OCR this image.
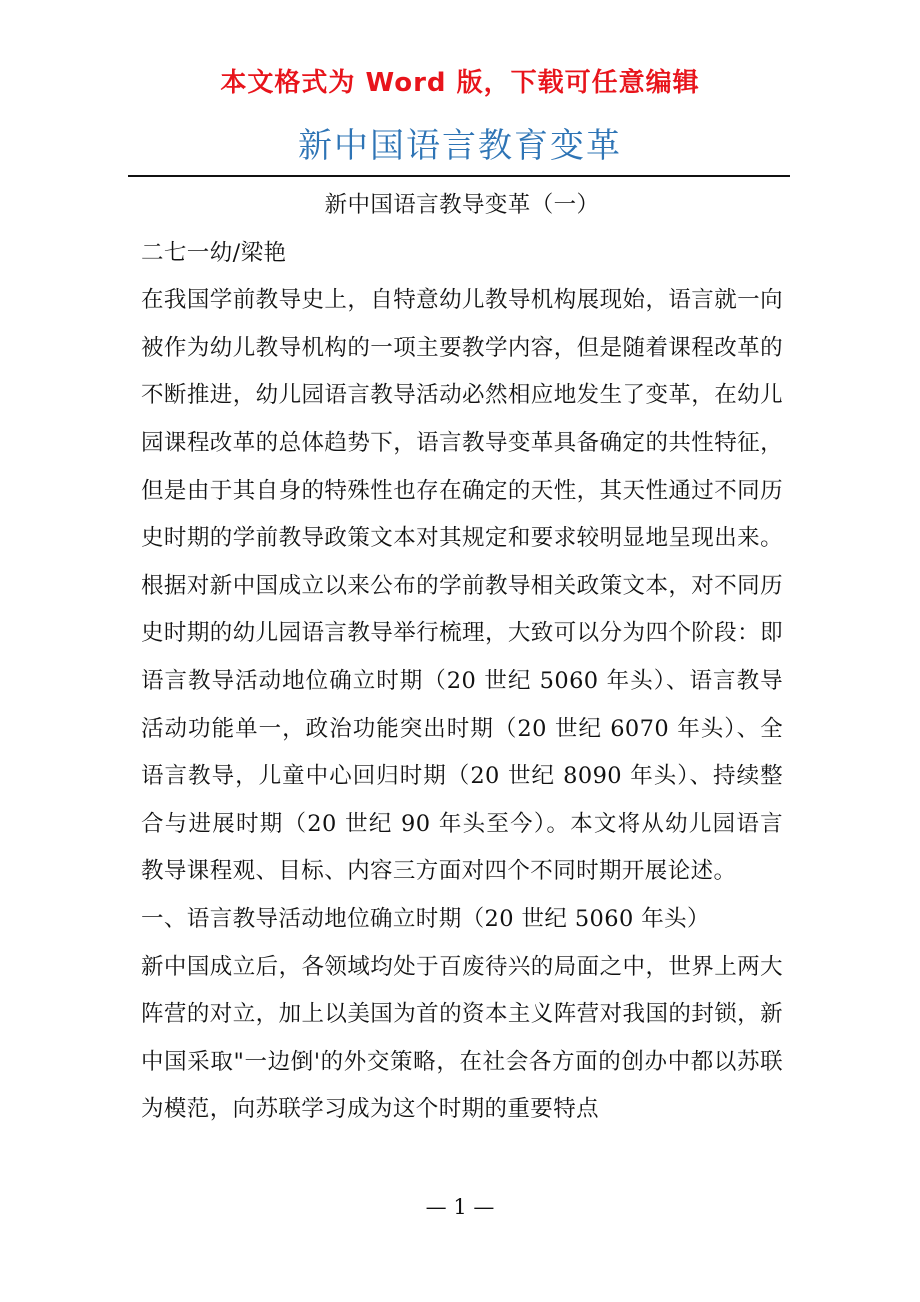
本文格式为 Word 版，下载可任意编辑
新中国语言教育变革

新中国语言教导变革（一）

二七一幼/梁艳

在我国学前教导史上，自特意幼儿教导机构展现始，语言就一向被作为幼儿教导机构的一项主要教学内容，但是随着课程改革的不断推进，幼儿园语言教导活动必然相应地发生了变革，在幼儿园课程改革的总体趋势下，语言教导变革具备确定的共性特征，但是由于其自身的特殊性也存在确定的天性，其天性通过不同历史时期的学前教导政策文本对其规定和要求较明显地呈现出来。根据对新中国成立以来公布的学前教导相关政策文本，对不同历史时期的幼儿园语言教导举行梳理，大致可以分为四个阶段：即语言教导活动地位确立时期（20 世纪 5060 年头）、语言教导活动功能单一，政治功能突出时期（20 世纪 6070 年头）、全语言教导，儿童中心回归时期（20 世纪 8090 年头）、持续整合与进展时期（20 世纪 90 年头至今）。本文将从幼儿园语言教导课程观、目标、内容三方面对四个不同时期开展论述。

一、语言教导活动地位确立时期（20 世纪 5060 年头）

新中国成立后，各领域均处于百废待兴的局面之中，世界上两大阵营的对立，加上以美国为首的资本主义阵营对我国的封锁，新中国采取"一边倒'的外交策略，在社会各方面的创办中都以苏联为模范，向苏联学习成为这个时期的重要特点

— 1 —
